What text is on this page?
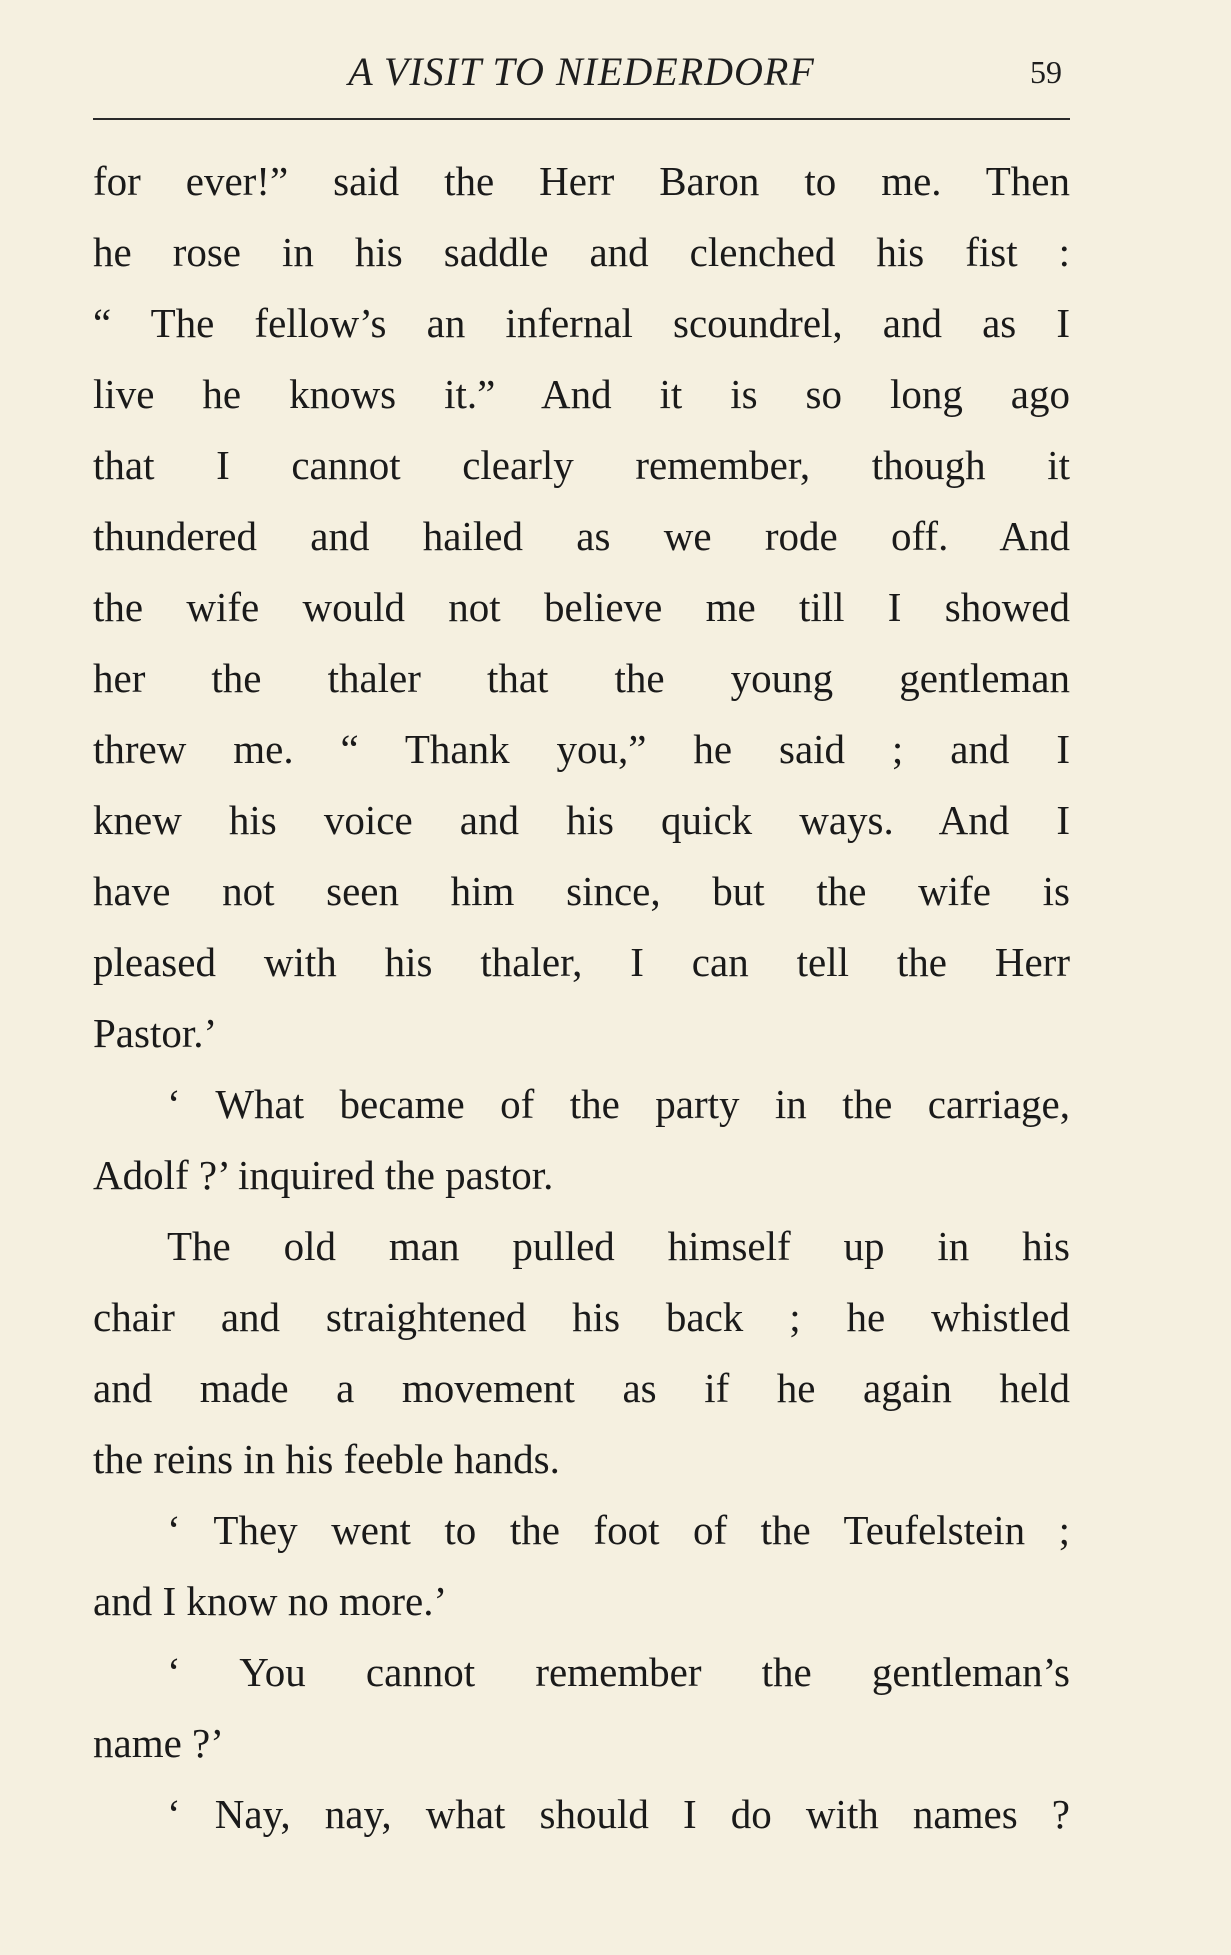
A VISIT TO NIEDERDORF	59
for ever!” said the Herr Baron to me. Then
he rose in his saddle and clenched his fist :
“ The fellow’s an infernal scoundrel, and as I
live he knows it.” And it is so long ago
that I cannot clearly remember, though it
thundered and hailed as we rode off. And
the wife would not believe me till I showed
her the thaler that the young gentleman
threw me. “ Thank you,” he said ; and I
knew his voice and his quick ways. And I
have not seen him since, but the wife is
pleased with his thaler, I can tell the Herr
Pastor.’
‘ What became of the party in the carriage,
Adolf ?’ inquired the pastor.
The old man pulled himself up in his
chair and straightened his back ; he whistled
and made a movement as if he again held
the reins in his feeble hands.
‘ They went to the foot of the Teufelstein ;
and I know no more.’
‘ You cannot remember the gentleman’s
name ?’
‘ Nay, nay, what should I do with names ?
